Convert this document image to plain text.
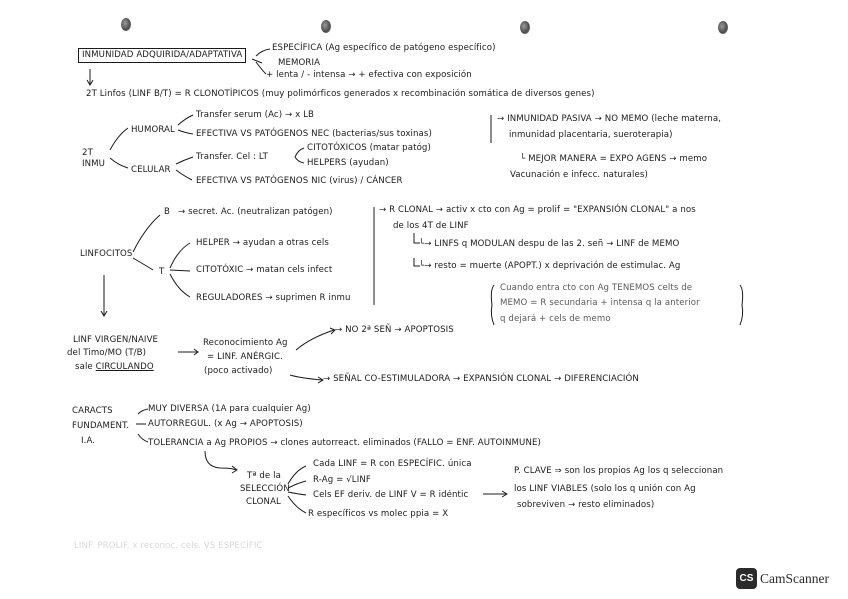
INMUNIDAD ADQUIRIDA/ADAPTATIVA
ESPECÍFICA (Ag específico de patógeno específico)
MEMORIA
+ lenta / - intensa → + efectiva con exposición
2T Linfos (LINF B/T) = R CLONOTÍPICOS (muy polimórficos generados x recombinación somática de diversos genes)
2T
INMU
HUMORAL
Transfer serum (Ac) → x LB
EFECTIVA VS PATÓGENOS NEC (bacterias/sus toxinas)
CELULAR
Transfer. Cel : LT
CITOTÓXICOS (matar patóg)
HELPERS (ayudan)
EFECTIVA VS PATÓGENOS NIC (virus) / CÁNCER
→ INMUNIDAD PASIVA → NO MEMO (leche materna,
inmunidad placentaria, sueroterapia)
└ MEJOR MANERA = EXPO AGENS → memo
Vacunación e infecc. naturales)
LINFOCITOS
B → secret. Ac. (neutralizan patógen)
T
HELPER → ayudan a otras cels
CITOTÓXIC → matan cels infect
REGULADORES → suprimen R inmu
→ R CLONAL → activ x cto con Ag = prolif = "EXPANSIÓN CLONAL" a nos
de los 4T de LINF
└→ LINFS q MODULAN despu de las 2. señ → LINF de MEMO
└→ resto = muerte (APOPT.) x deprivación de estimulac. Ag
Cuando entra cto con Ag TENEMOS celts de
MEMO = R secundaria + intensa q la anterior
q dejará + cels de memo
LINF VIRGEN/NAIVE
del Timo/MO (T/B)
sale CIRCULANDO
Reconocimiento Ag
= LINF. ANÉRGIC.
(poco activado)
→ NO 2ª SEÑ → APOPTOSIS
→ SEÑAL CO-ESTIMULADORA → EXPANSIÓN CLONAL → DIFERENCIACIÓN
CARACTS
FUNDAMENT.
I.A.
MUY DIVERSA (1A para cualquier Ag)
AUTORREGUL. (x Ag → APOPTOSIS)
TOLERANCIA a Ag PROPIOS → clones autorreact. eliminados (FALLO = ENF. AUTOINMUNE)
Tª de la
SELECCIÓN
CLONAL
Cada LINF = R con ESPECÍFIC. única
R-Ag = √LINF
Cels EF deriv. de LINF V = R idéntic
R específicos vs molec ppia = X
P. CLAVE ⇒ son los propios Ag los q seleccionan
los LINF VIABLES (solo los q unión con Ag
sobreviven → resto eliminados)
LINF. PROLIF. x reconoc. cels. VS ESPECÍFIC
CS CamScanner
